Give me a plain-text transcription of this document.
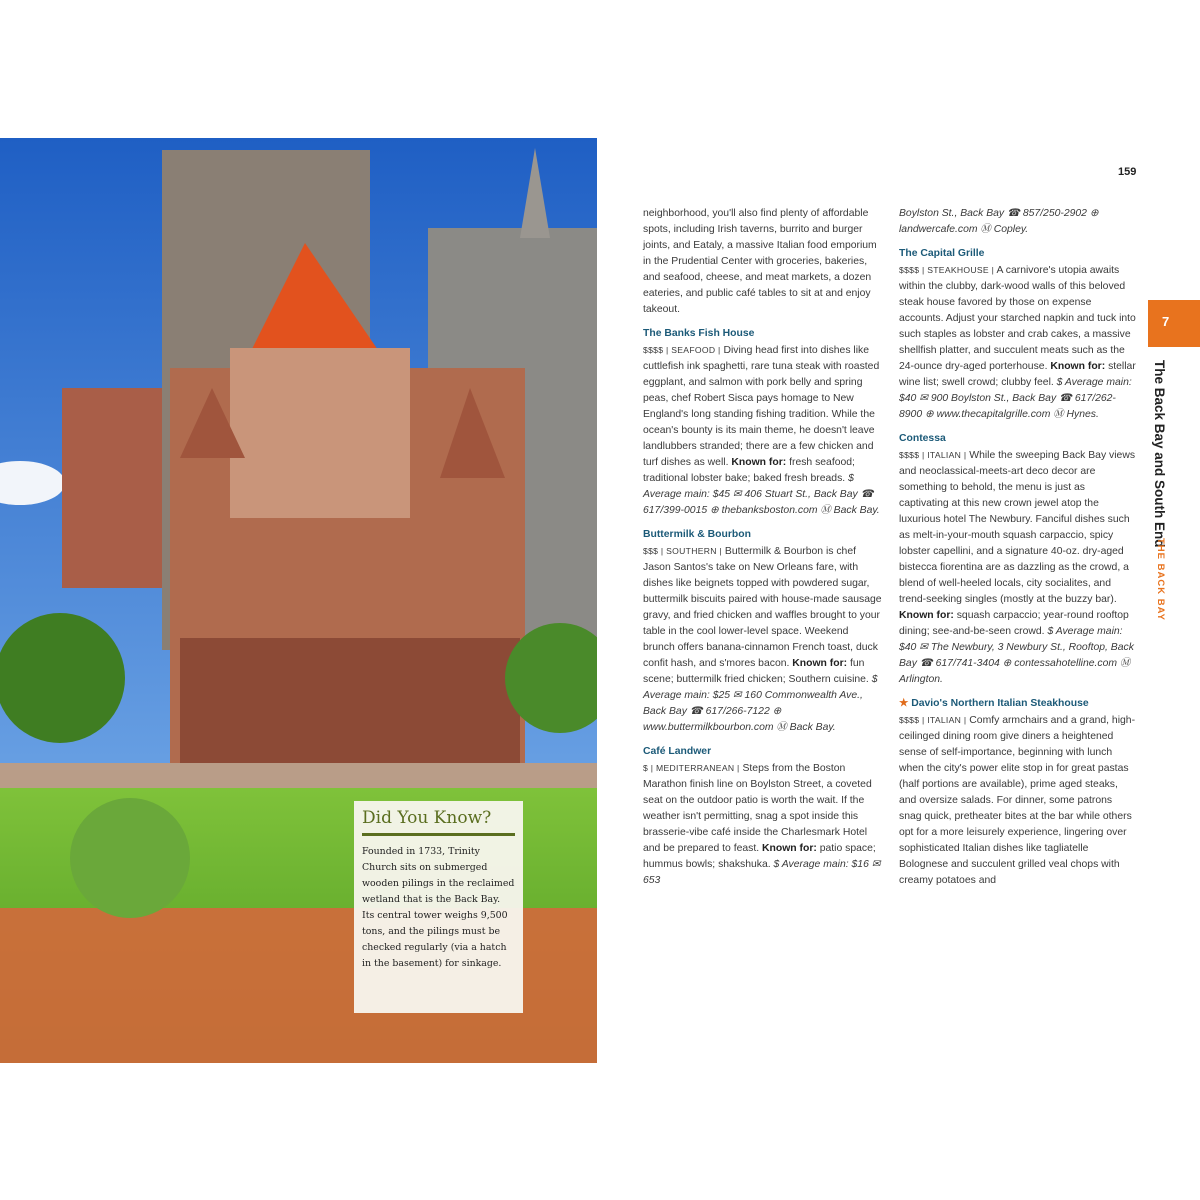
Did You Know?

Founded in 1733, Trinity Church sits on submerged wooden pilings in the reclaimed wetland that is the Back Bay. Its central tower weighs 9,500 tons, and the pilings must be checked regularly (via a hatch in the basement) for sinkage.

159

neighborhood, you'll also find plenty of affordable spots, including Irish taverns, burrito and burger joints, and Eataly, a massive Italian food emporium in the Prudential Center with groceries, bakeries, and seafood, cheese, and meat markets, a dozen eateries, and public café tables to sit at and enjoy takeout.

The Banks Fish House
$$$$ | SEAFOOD | Diving head first into dishes like cuttlefish ink spaghetti, rare tuna steak with roasted eggplant, and salmon with pork belly and spring peas, chef Robert Sisca pays homage to New England's long standing fishing tradition. While the ocean's bounty is its main theme, he doesn't leave landlubbers stranded; there are a few chicken and turf dishes as well. Known for: fresh seafood; traditional lobster bake; baked fresh breads. $ Average main: $45 ✉ 406 Stuart St., Back Bay ☎ 617/399-0015 ⊕ thebanksboston.com Ⓜ Back Bay.

Buttermilk & Bourbon
$$$ | SOUTHERN | Buttermilk & Bourbon is chef Jason Santos's take on New Orleans fare, with dishes like beignets topped with powdered sugar, buttermilk biscuits paired with house-made sausage gravy, and fried chicken and waffles brought to your table in the cool lower-level space. Weekend brunch offers banana-cinnamon French toast, duck confit hash, and s'mores bacon. Known for: fun scene; buttermilk fried chicken; Southern cuisine. $ Average main: $25 ✉ 160 Commonwealth Ave., Back Bay ☎ 617/266-7122 ⊕ www.buttermilkbourbon.com Ⓜ Back Bay.

Café Landwer
$ | MEDITERRANEAN | Steps from the Boston Marathon finish line on Boylston Street, a coveted seat on the outdoor patio is worth the wait. If the weather isn't permitting, snag a spot inside this brasserie-vibe café inside the Charlesmark Hotel and be prepared to feast. Known for: patio space; hummus bowls; shakshuka. $ Average main: $16 ✉ 653

Boylston St., Back Bay ☎ 857/250-2902 ⊕ landwercafe.com Ⓜ Copley.

The Capital Grille
$$$$ | STEAKHOUSE | A carnivore's utopia awaits within the clubby, dark-wood walls of this beloved steak house favored by those on expense accounts. Adjust your starched napkin and tuck into such staples as lobster and crab cakes, a massive shellfish platter, and succulent meats such as the 24-ounce dry-aged porterhouse. Known for: stellar wine list; swell crowd; clubby feel. $ Average main: $40 ✉ 900 Boylston St., Back Bay ☎ 617/262-8900 ⊕ www.thecapitalgrille.com Ⓜ Hynes.

Contessa
$$$$ | ITALIAN | While the sweeping Back Bay views and neoclassical-meets-art deco decor are something to behold, the menu is just as captivating at this new crown jewel atop the luxurious hotel The Newbury. Fanciful dishes such as melt-in-your-mouth squash carpaccio, spicy lobster capellini, and a signature 40-oz. dry-aged bistecca fiorentina are as dazzling as the crowd, a blend of well-heeled locals, city socialites, and trend-seeking singles (mostly at the buzzy bar). Known for: squash carpaccio; year-round rooftop dining; see-and-be-seen crowd. $ Average main: $40 ✉ The Newbury, 3 Newbury St., Rooftop, Back Bay ☎ 617/741-3404 ⊕ contessahotelline.com Ⓜ Arlington.

★ Davio's Northern Italian Steakhouse
$$$$ | ITALIAN | Comfy armchairs and a grand, high-ceilinged dining room give diners a heightened sense of self-importance, beginning with lunch when the city's power elite stop in for great pastas (half portions are available), prime aged steaks, and oversize salads. For dinner, some patrons snag quick, pretheater bites at the bar while others opt for a more leisurely experience, lingering over sophisticated Italian dishes like tagliatelle Bolognese and succulent grilled veal chops with creamy potatoes and

7
The Back Bay and South End
THE BACK BAY
